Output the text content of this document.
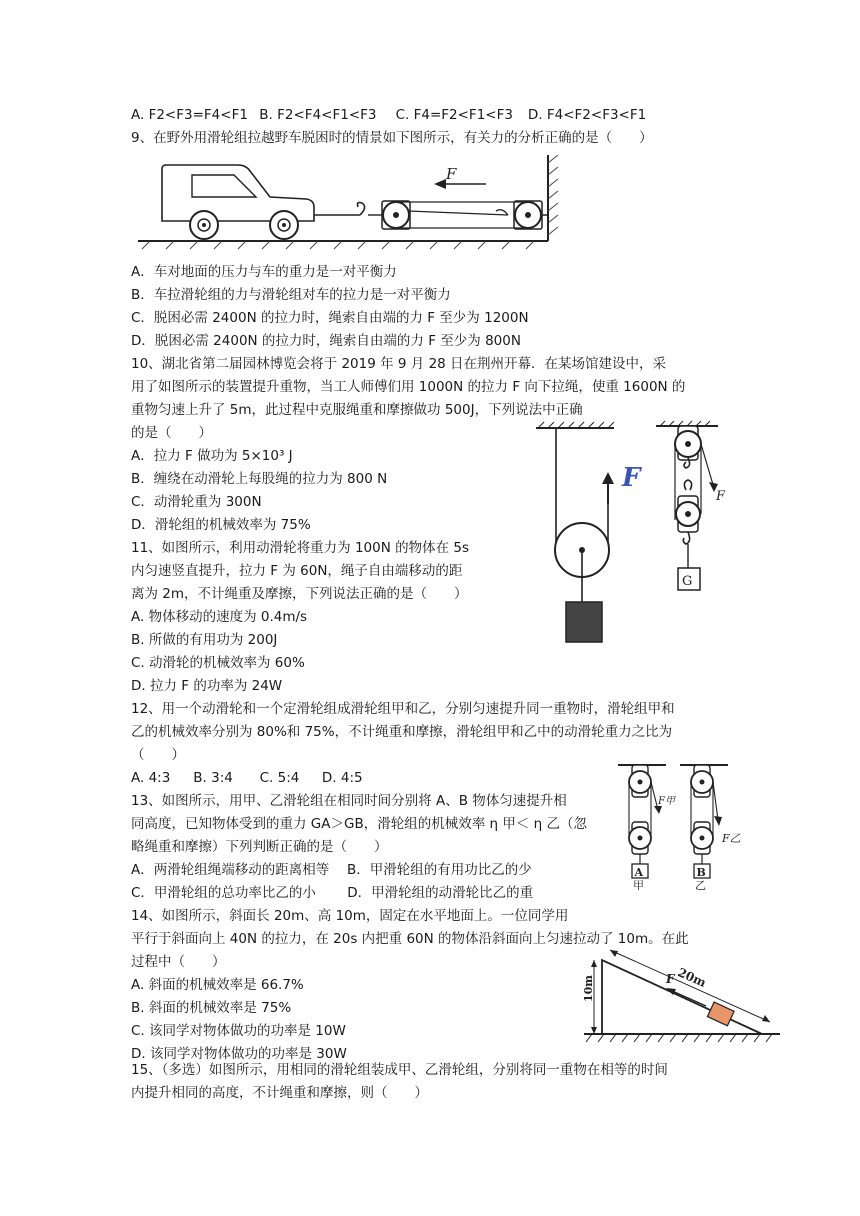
A. F2<F3=F4<F1 B. F2<F4<F1<F3 C. F4=F2<F1<F3 D. F4<F2<F3<F1
9、在野外用滑轮组拉越野车脱困时的情景如下图所示，有关力的分析正确的是（　　）
F
A．车对地面的压力与车的重力是一对平衡力
B．车拉滑轮组的力与滑轮组对车的拉力是一对平衡力
C．脱困必需 2400N 的拉力时，绳索自由端的力 F 至少为 1200N
D．脱困必需 2400N 的拉力时，绳索自由端的力 F 至少为 800N
10、湖北省第二届园林博览会将于 2019 年 9 月 28 日在荆州开幕．在某场馆建设中，采
用了如图所示的装置提升重物，当工人师傅们用 1000N 的拉力 F 向下拉绳，使重 1600N 的
重物匀速上升了 5m，此过程中克服绳重和摩擦做功 500J，下列说法中正确
的是（　　）
A．拉力 F 做功为 5×10³ J
B．缠绕在动滑轮上每股绳的拉力为 800 N
C．动滑轮重为 300N
D．滑轮组的机械效率为 75%
F
F
G
11、如图所示，利用动滑轮将重力为 100N 的物体在 5s
内匀速竖直提升，拉力 F 为 60N，绳子自由端移动的距
离为 2m，不计绳重及摩擦，下列说法正确的是（　　）
A. 物体移动的速度为 0.4m/s
B. 所做的有用功为 200J
C. 动滑轮的机械效率为 60%
D. 拉力 F 的功率为 24W
12、用一个动滑轮和一个定滑轮组成滑轮组甲和乙，分别匀速提升同一重物时，滑轮组甲和
乙的机械效率分别为 80%和 75%，不计绳重和摩擦，滑轮组甲和乙中的动滑轮重力之比为
（　　）
A. 4:3 B. 3:4 C. 5:4 D. 4:5
13、如图所示，用甲、乙滑轮组在相同时间分别将 A、B 物体匀速提升相
同高度，已知物体受到的重力 GA＞GB，滑轮组的机械效率 η 甲＜ η 乙（忽
略绳重和摩擦）下列判断正确的是（　　）
A．两滑轮组绳端移动的距离相等　 B．甲滑轮组的有用功比乙的少
C．甲滑轮组的总功率比乙的小　　 D．甲滑轮组的动滑轮比乙的重
F甲
A
甲
F乙
B
乙
14、如图所示，斜面长 20m、高 10m，固定在水平地面上。一位同学用
平行于斜面向上 40N 的拉力，在 20s 内把重 60N 的物体沿斜面向上匀速拉动了 10m。在此
过程中（　　）
A. 斜面的机械效率是 66.7%
B. 斜面的机械效率是 75%
C. 该同学对物体做功的功率是 10W
D. 该同学对物体做功的功率是 30W
10m	20m
F
15、（多选）如图所示，用相同的滑轮组装成甲、乙滑轮组，分别将同一重物在相等的时间
内提升相同的高度，不计绳重和摩擦，则（　　）
